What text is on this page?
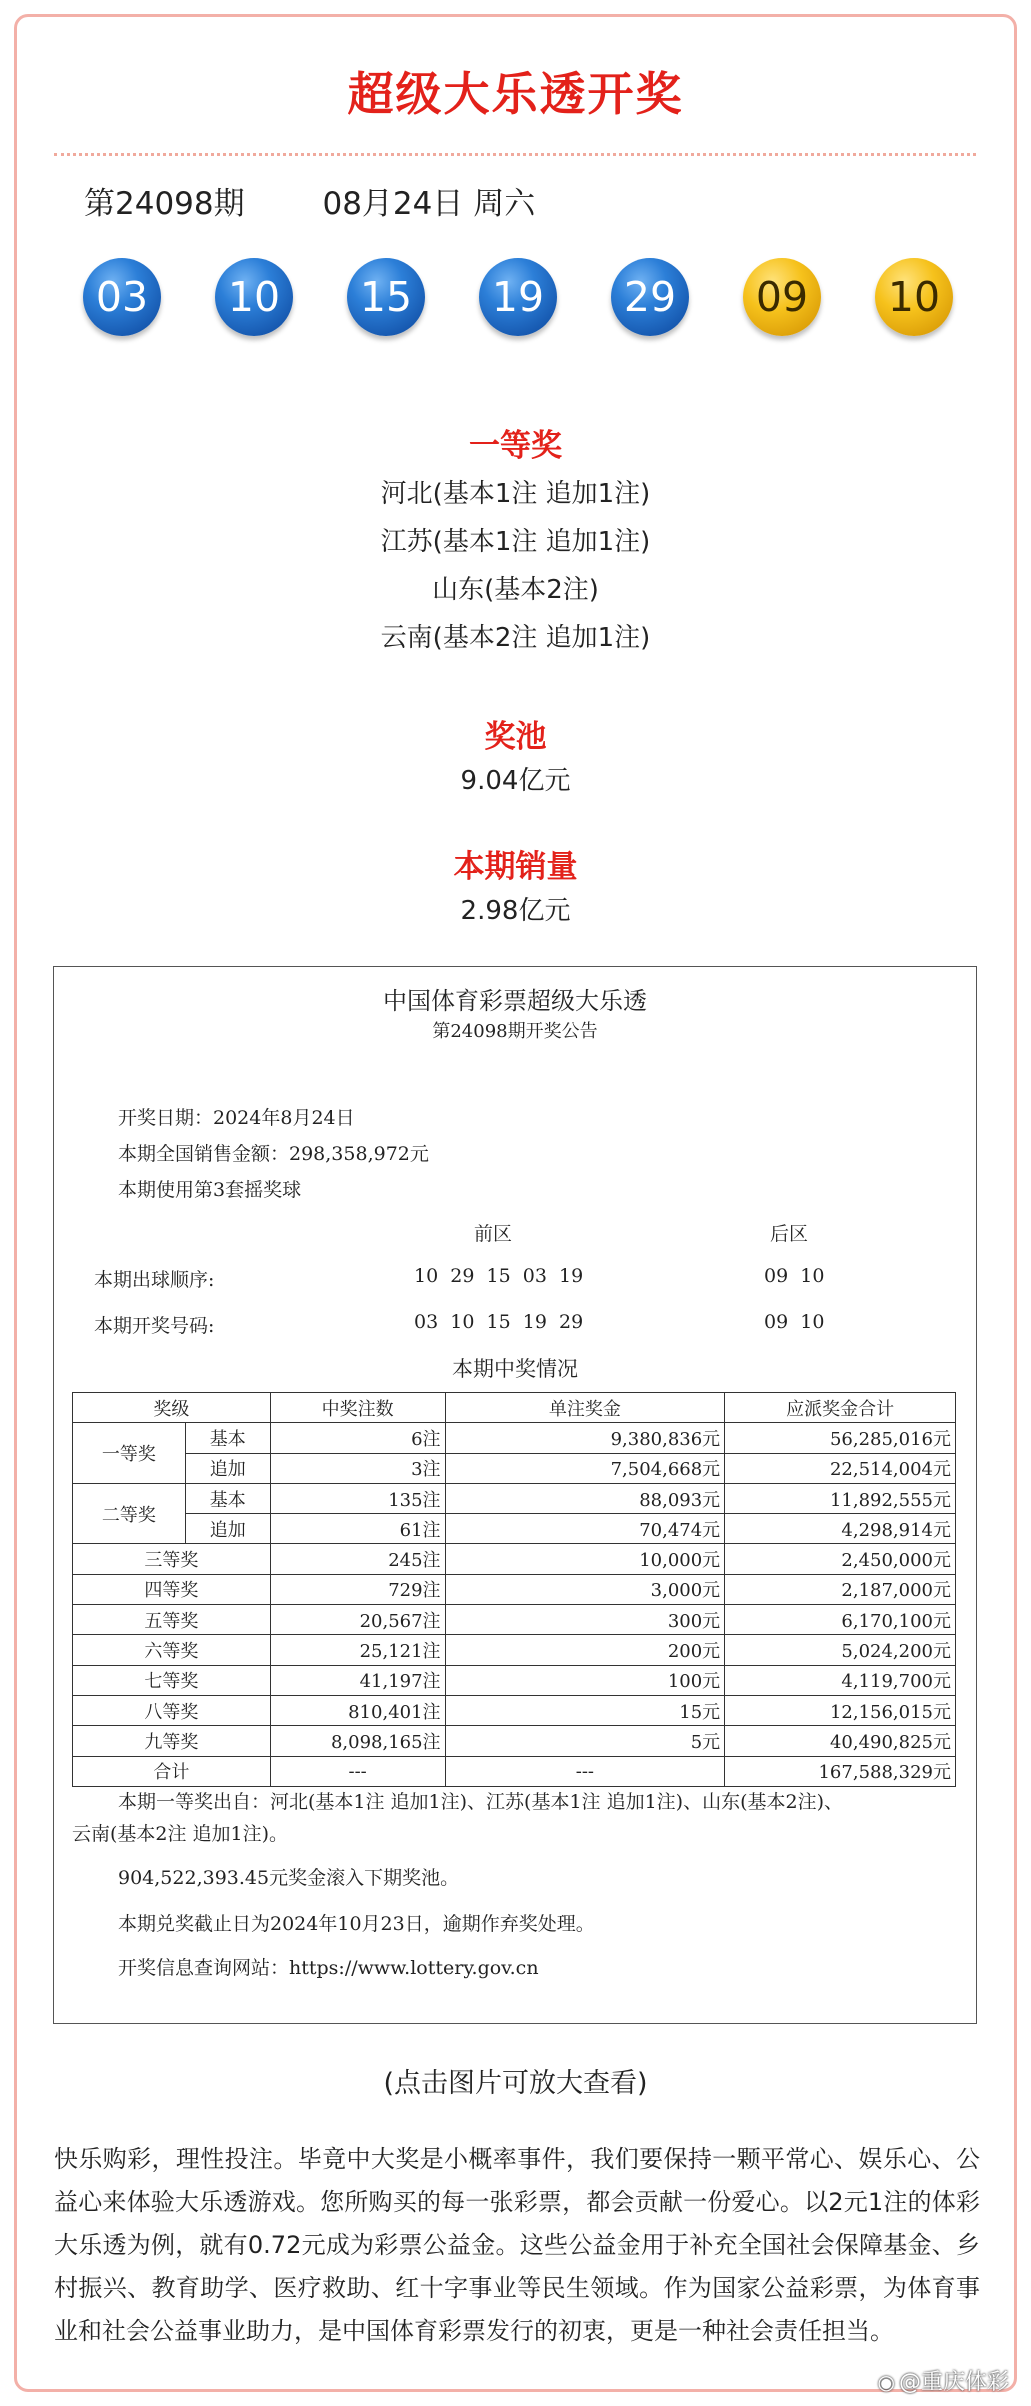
超级大乐透开奖
第24098期	08月24日 周六
03	10	15	19	29	09	10
一等奖
河北(基本1注 追加1注)
江苏(基本1注 追加1注)
山东(基本2注)
云南(基本2注 追加1注)
奖池
9.04亿元
本期销量
2.98亿元
中国体育彩票超级大乐透
第24098期开奖公告
开奖日期：2024年8月24日
本期全国销售金额：298,358,972元
本期使用第3套摇奖球
前区	后区
本期出球顺序:	10  29  15  03  19	09  10
本期开奖号码:	03  10  15  19  29	09  10
本期中奖情况
奖级		中奖注数	单注奖金	应派奖金合计
一等奖	基本	6注	9,380,836元	56,285,016元
	追加	3注	7,504,668元	22,514,004元
二等奖	基本	135注	88,093元	11,892,555元
	追加	61注	70,474元	4,298,914元
三等奖		245注	10,000元	2,450,000元
四等奖		729注	3,000元	2,187,000元
五等奖		20,567注	300元	6,170,100元
六等奖		25,121注	200元	5,024,200元
七等奖		41,197注	100元	4,119,700元
八等奖		810,401注	15元	12,156,015元
九等奖		8,098,165注	5元	40,490,825元
合计		---	---	167,588,329元
本期一等奖出自：河北(基本1注 追加1注)、江苏(基本1注 追加1注)、山东(基本2注)、
云南(基本2注 追加1注)。
904,522,393.45元奖金滚入下期奖池。
本期兑奖截止日为2024年10月23日，逾期作弃奖处理。
开奖信息查询网站：https://www.lottery.gov.cn
(点击图片可放大查看)
快乐购彩，理性投注。毕竟中大奖是小概率事件，我们要保持一颗平常心、娱乐心、公益心来体验大乐透游戏。您所购买的每一张彩票，都会贡献一份爱心。以2元1注的体彩大乐透为例，就有0.72元成为彩票公益金。这些公益金用于补充全国社会保障基金、乡村振兴、教育助学、医疗救助、红十字事业等民生领域。作为国家公益彩票，为体育事业和社会公益事业助力，是中国体育彩票发行的初衷，更是一种社会责任担当。
◉ @重庆体彩
